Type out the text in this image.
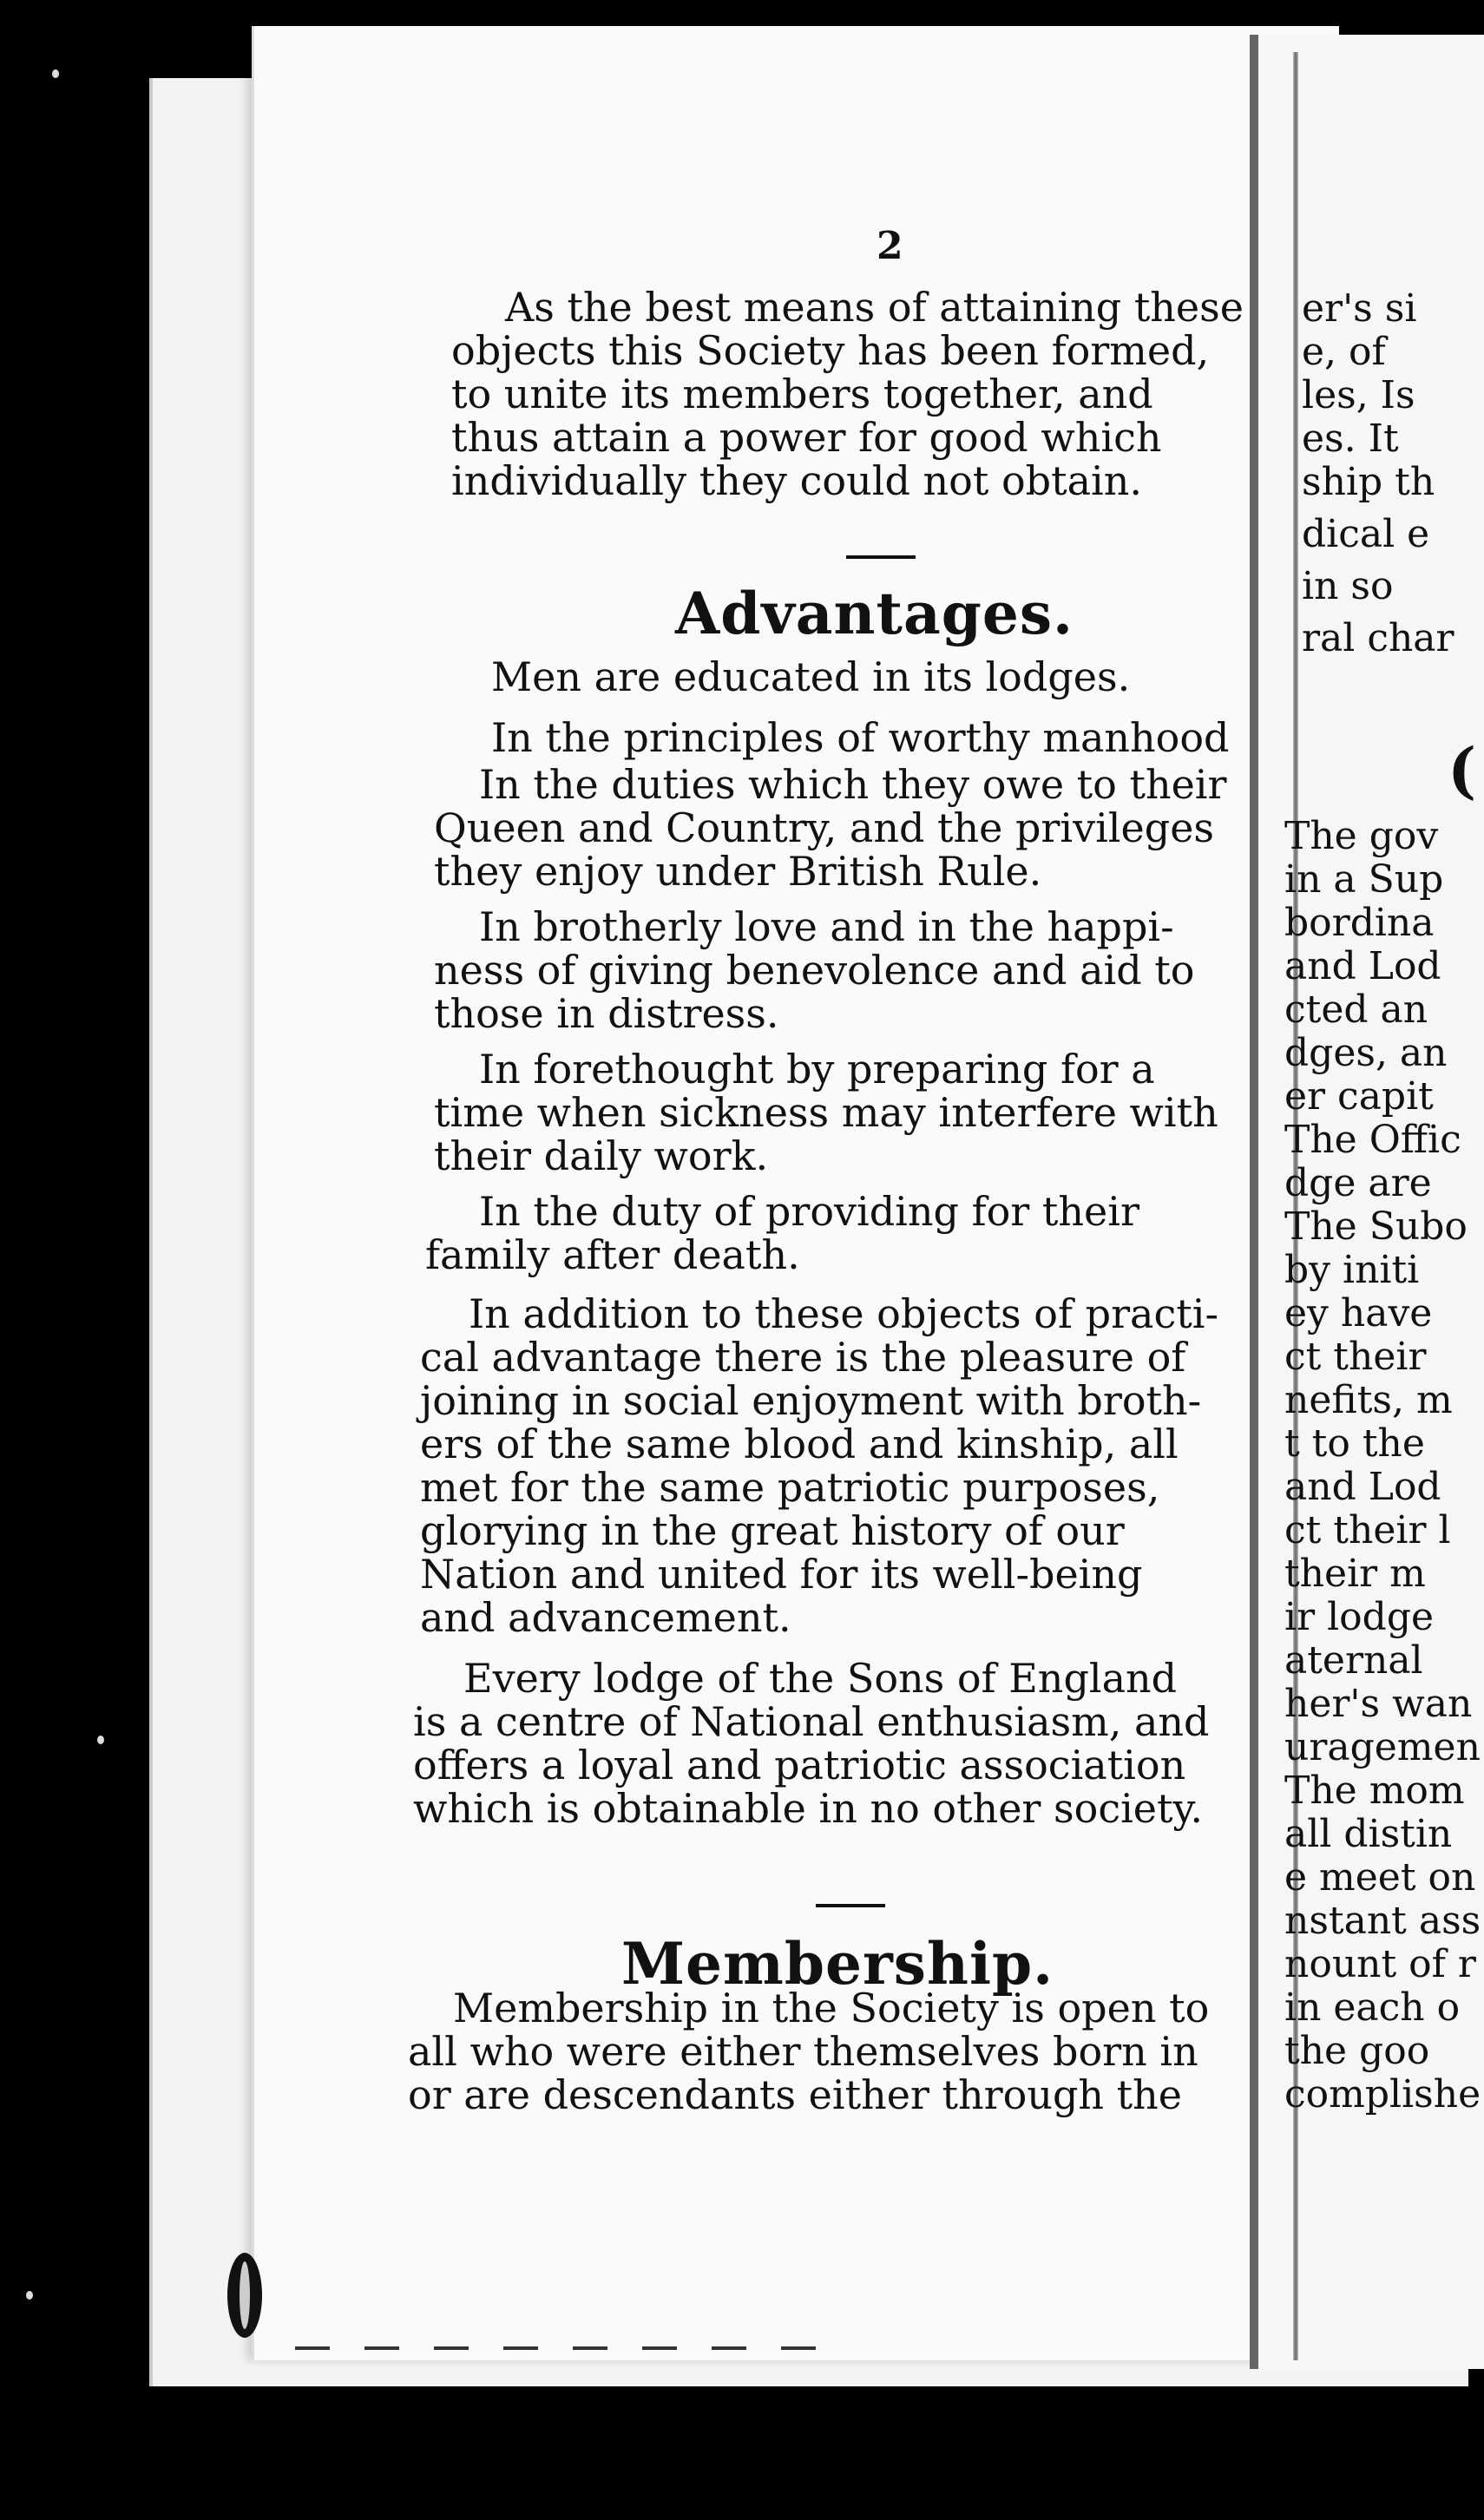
2
As the best means of attaining these
objects this Society has been formed,
to unite its members together, and
thus attain a power for good which
individually they could not obtain.
Advantages.
Men are educated in its lodges.
In the principles of worthy manhood
In the duties which they owe to their
Queen and Country, and the privileges
they enjoy under British Rule.
In brotherly love and in the happi-
ness of giving benevolence and aid to
those in distress.
In forethought by preparing for a
time when sickness may interfere with
their daily work.
In the duty of providing for their
family after death.
In addition to these objects of practi-
cal advantage there is the pleasure of
joining in social enjoyment with broth-
ers of the same blood and kinship, all
met for the same patriotic purposes,
glorying in the great history of our
Nation and united for its well-being
and advancement.
Every lodge of the Sons of England
is a centre of National enthusiasm, and
offers a loyal and patriotic association
which is obtainable in no other society.
Membership.
Membership in the Society is open to
all who were either themselves born in
or are descendants either through the
er's si
e, of
les, Is
es. It
ship th
dical e
in so
ral char
(
The gov
in a Sup
bordina
and Lod
cted an
dges, an
er capit
The Offic
dge are
The Subo
by initi
ey have
ct their
nefits, m
t to the
and Lod
ct their l
their m
ir lodge
aternal
her's wan
uragemen
The mom
all distin
e meet on
nstant ass
nount of r
in each o
the goo
complishe
